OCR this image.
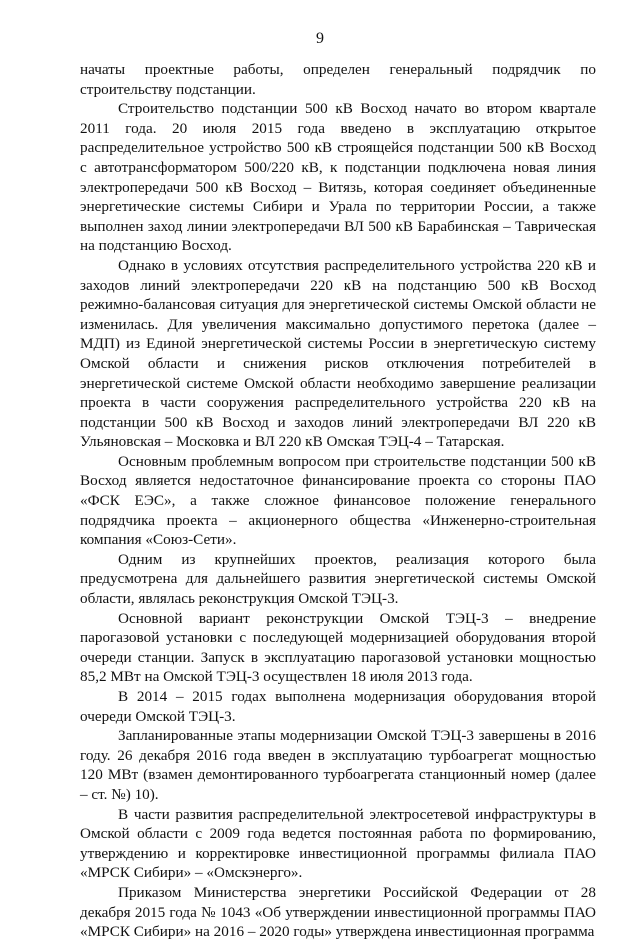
9

начаты проектные работы, определен генеральный подрядчик по строительству подстанции.

Строительство подстанции 500 кВ Восход начато во втором квартале 2011 года. 20 июля 2015 года введено в эксплуатацию открытое распределительное устройство 500 кВ строящейся подстанции 500 кВ Восход с автотрансформатором 500/220 кВ, к подстанции подключена новая линия электропередачи 500 кВ Восход – Витязь, которая соединяет объединенные энергетические системы Сибири и Урала по территории России, а также выполнен заход линии электропередачи ВЛ 500 кВ Барабинская – Таврическая на подстанцию Восход.

Однако в условиях отсутствия распределительного устройства 220 кВ и заходов линий электропередачи 220 кВ на подстанцию 500 кВ Восход режимно-балансовая ситуация для энергетической системы Омской области не изменилась. Для увеличения максимально допустимого перетока (далее – МДП) из Единой энергетической системы России в энергетическую систему Омской области и снижения рисков отключения потребителей в энергетической системе Омской области необходимо завершение реализации проекта в части сооружения распределительного устройства 220 кВ на подстанции 500 кВ Восход и заходов линий электропередачи ВЛ 220 кВ Ульяновская – Московка и ВЛ 220 кВ Омская ТЭЦ-4 – Татарская.

Основным проблемным вопросом при строительстве подстанции 500 кВ Восход является недостаточное финансирование проекта со стороны ПАО «ФСК ЕЭС», а также сложное финансовое положение генерального подрядчика проекта – акционерного общества «Инженерно-строительная компания «Союз-Сети».

Одним из крупнейших проектов, реализация которого была предусмотрена для дальнейшего развития энергетической системы Омской области, являлась реконструкция Омской ТЭЦ-3.

Основной вариант реконструкции Омской ТЭЦ-3 – внедрение парогазовой установки с последующей модернизацией оборудования второй очереди станции. Запуск в эксплуатацию парогазовой установки мощностью 85,2 МВт на Омской ТЭЦ-3 осуществлен 18 июля 2013 года.

В 2014 – 2015 годах выполнена модернизация оборудования второй очереди Омской ТЭЦ-3.

Запланированные этапы модернизации Омской ТЭЦ-3 завершены в 2016 году. 26 декабря 2016 года введен в эксплуатацию турбоагрегат мощностью 120 МВт (взамен демонтированного турбоагрегата станционный номер (далее – ст. №) 10).

В части развития распределительной электросетевой инфраструктуры в Омской области с 2009 года ведется постоянная работа по формированию, утверждению и корректировке инвестиционной программы филиала ПАО «МРСК Сибири» – «Омскэнерго».

Приказом Министерства энергетики Российской Федерации от 28 декабря 2015 года № 1043 «Об утверждении инвестиционной программы ПАО «МРСК Сибири» на 2016 – 2020 годы» утверждена инвестиционная программа
